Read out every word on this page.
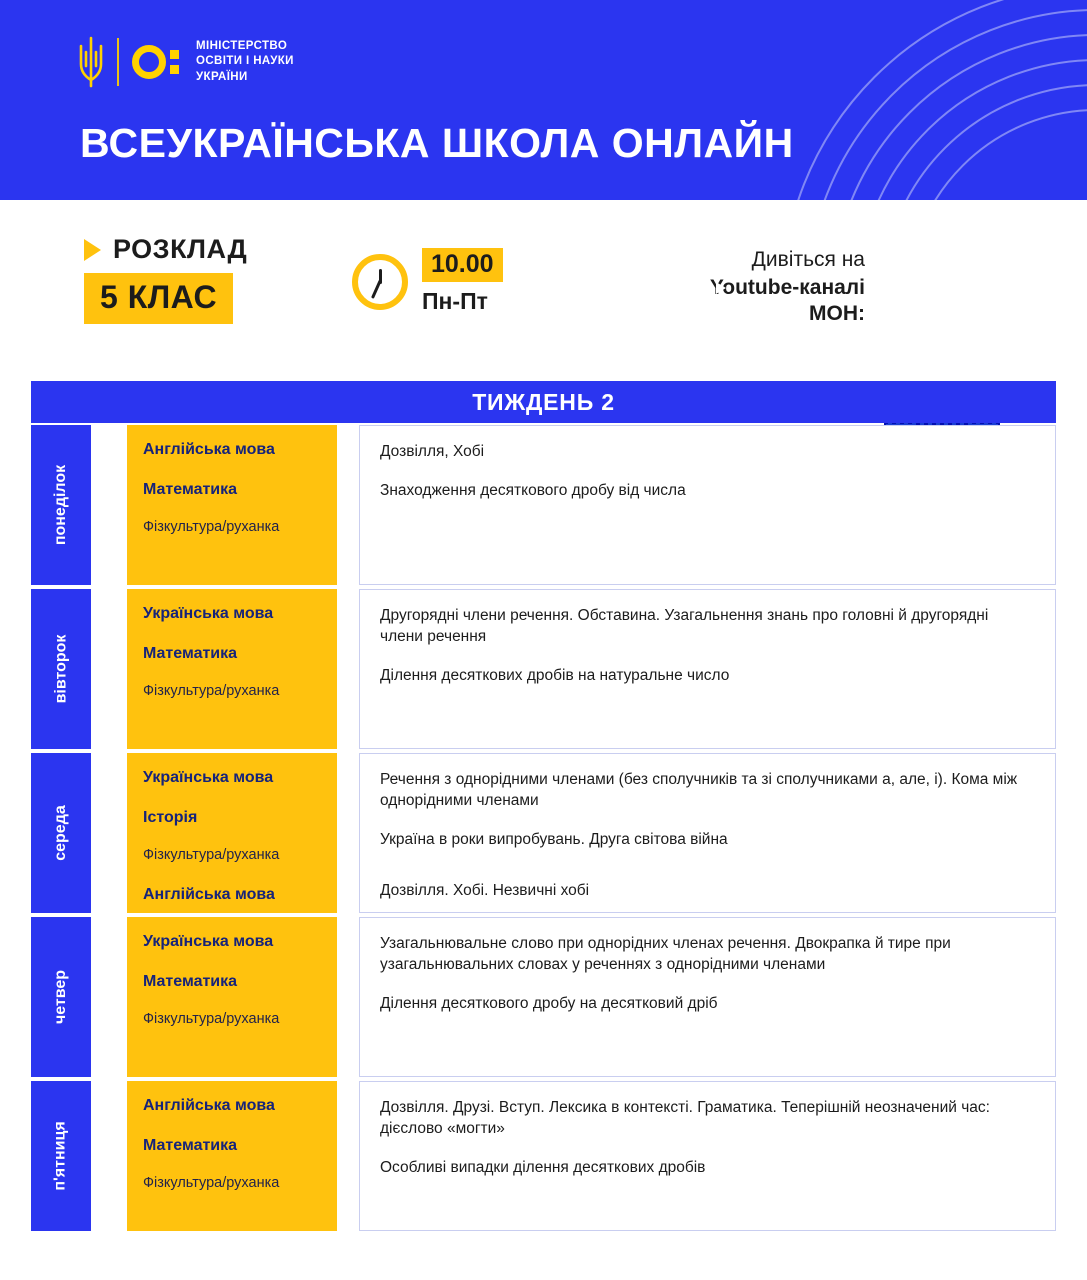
МІНІСТЕРСТВО
ОСВІТИ І НАУКИ
УКРАЇНИ
ВСЕУКРАЇНСЬКА ШКОЛА ОНЛАЙН
РОЗКЛАД
5 КЛАС
10.00
Пн-Пт
Дивіться на
Youtube-каналі
МОН:
ТИЖДЕНЬ 2
понеділок
Англійська мова
Математика
Фізкультура/руханка
Дозвілля, Хобі
Знаходження десяткового дробу від числа
вівторок
Українська мова
Математика
Фізкультура/руханка
Другорядні члени речення. Обставина. Узагальнення знань про головні й другорядні члени речення
Ділення десяткових дробів на натуральне число
середа
Українська мова
Історія
Фізкультура/руханка
Англійська мова
Речення з однорідними членами (без сполучників та зі сполучниками а, але, і). Кома між однорідними членами
Україна в роки випробувань. Друга світова війна
Дозвілля. Хобі. Незвичні хобі
четвер
Українська мова
Математика
Фізкультура/руханка
Узагальнювальне слово при однорідних членах речення. Двокрапка й тире при узагальнювальних словах у реченнях з однорідними членами
Ділення десяткового дробу на десятковий дріб
п'ятниця
Англійська мова
Математика
Фізкультура/руханка
Дозвілля. Друзі. Вступ. Лексика в контексті. Граматика. Теперішній неозначений час: дієслово «могти»
Особливі випадки ділення десяткових дробів
